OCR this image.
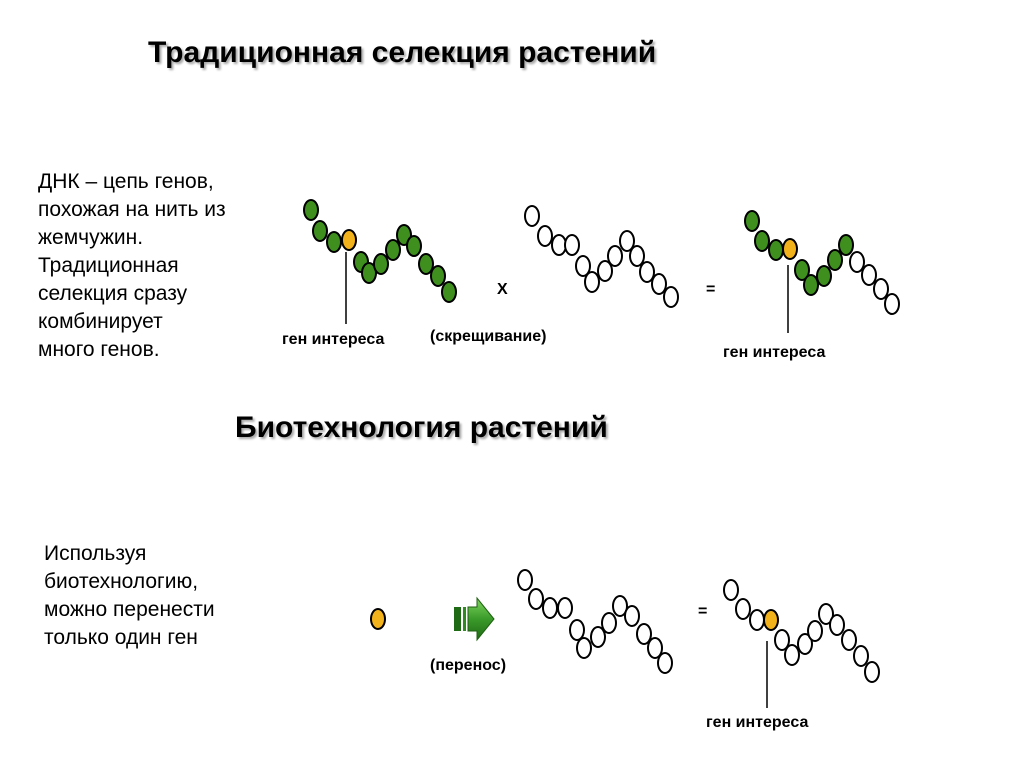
Традиционная селекция растений
ДНК – цепь генов,
похожая на нить из
жемчужин.
Традиционная
селекция сразу
комбинирует
много генов.	ген интереса	(скрещивание)
X	=
ген интереса
Биотехнология растений
Используя
биотехнологию,
можно перенести
только один ген
(перенос)
=
ген интереса
